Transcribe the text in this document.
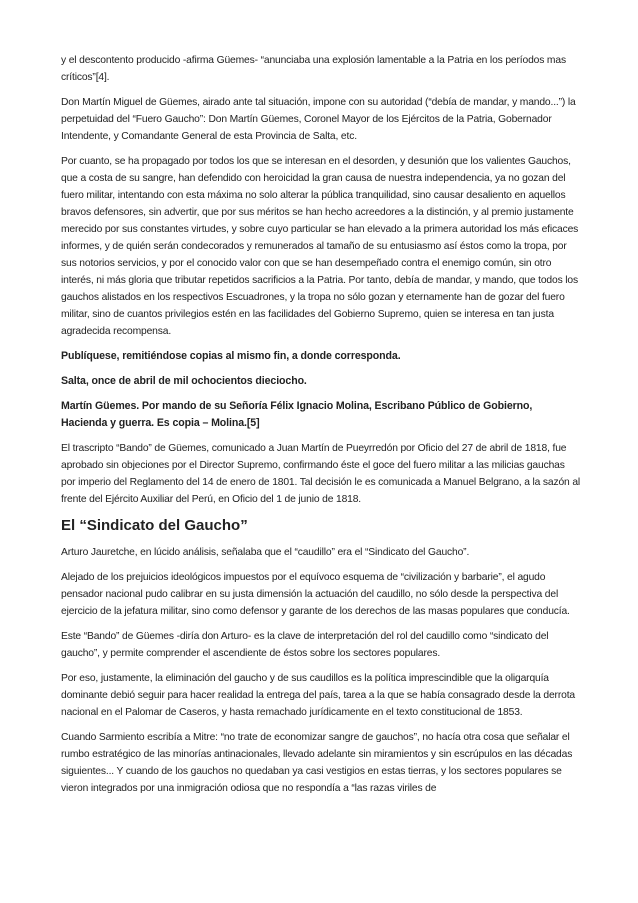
y el descontento producido -afirma Güemes- “anunciaba una explosión lamentable a la Patria en los períodos mas críticos”[4].

Don Martín Miguel de Güemes, airado ante tal situación, impone con su autoridad (“debía de mandar, y mando...”) la perpetuidad del “Fuero Gaucho”: Don Martín Güemes, Coronel Mayor de los Ejércitos de la Patria, Gobernador Intendente, y Comandante General de esta Provincia de Salta, etc.

Por cuanto, se ha propagado por todos los que se interesan en el desorden, y desunión que los valientes Gauchos, que a costa de su sangre, han defendido con heroicidad la gran causa de nuestra independencia, ya no gozan del fuero militar, intentando con esta máxima no solo alterar la pública tranquilidad, sino causar desaliento en aquellos bravos defensores, sin advertir, que por sus méritos se han hecho acreedores a la distinción, y al premio justamente merecido por sus constantes virtudes, y sobre cuyo particular se han elevado a la primera autoridad los más eficaces informes, y de quién serán condecorados y remunerados al tamaño de su entusiasmo así éstos como la tropa, por sus notorios servicios, y por el conocido valor con que se han desempeñado contra el enemigo común, sin otro interés, ni más gloria que tributar repetidos sacrificios a la Patria. Por tanto, debía de mandar, y mando, que todos los gauchos alistados en los respectivos Escuadrones, y la tropa no sólo gozan y eternamente han de gozar del fuero militar, sino de cuantos privilegios estén en las facilidades del Gobierno Supremo, quien se interesa en tan justa agradecida recompensa.

Publíquese, remitiéndose copias al mismo fin, a donde corresponda.

Salta, once de abril de mil ochocientos dieciocho.

Martín Güemes. Por mando de su Señoría Félix Ignacio Molina, Escribano Público de Gobierno, Hacienda y guerra. Es copia – Molina.[5]

El trascripto “Bando” de Güemes, comunicado a Juan Martín de Pueyrredón por Oficio del 27 de abril de 1818, fue aprobado sin objeciones por el Director Supremo, confirmando éste el goce del fuero militar a las milicias gauchas por imperio del Reglamento del 14 de enero de 1801. Tal decisión le es comunicada a Manuel Belgrano, a la sazón al frente del Ejército Auxiliar del Perú, en Oficio del 1 de junio de 1818.

El “Sindicato del Gaucho”

Arturo Jauretche, en lúcido análisis, señalaba que el “caudillo” era el “Sindicato del Gaucho”.

Alejado de los prejuicios ideológicos impuestos por el equívoco esquema de “civilización y barbarie”, el agudo pensador nacional pudo calibrar en su justa dimensión la actuación del caudillo, no sólo desde la perspectiva del ejercicio de la jefatura militar, sino como defensor y garante de los derechos de las masas populares que conducía.

Este “Bando” de Güemes -diría don Arturo- es la clave de interpretación del rol del caudillo como “sindicato del gaucho”, y permite comprender el ascendiente de éstos sobre los sectores populares.

Por eso, justamente, la eliminación del gaucho y de sus caudillos es la política imprescindible que la oligarquía dominante debió seguir para hacer realidad la entrega del país, tarea a la que se había consagrado desde la derrota nacional en el Palomar de Caseros, y hasta remachado jurídicamente en el texto constitucional de 1853.

Cuando Sarmiento escribía a Mitre: “no trate de economizar sangre de gauchos”, no hacía otra cosa que señalar el rumbo estratégico de las minorías antinacionales, llevado adelante sin miramientos y sin escrúpulos en las décadas siguientes... Y cuando de los gauchos no quedaban ya casi vestigios en estas tierras, y los sectores populares se vieron integrados por una inmigración odiosa que no respondía a “las razas viriles de
